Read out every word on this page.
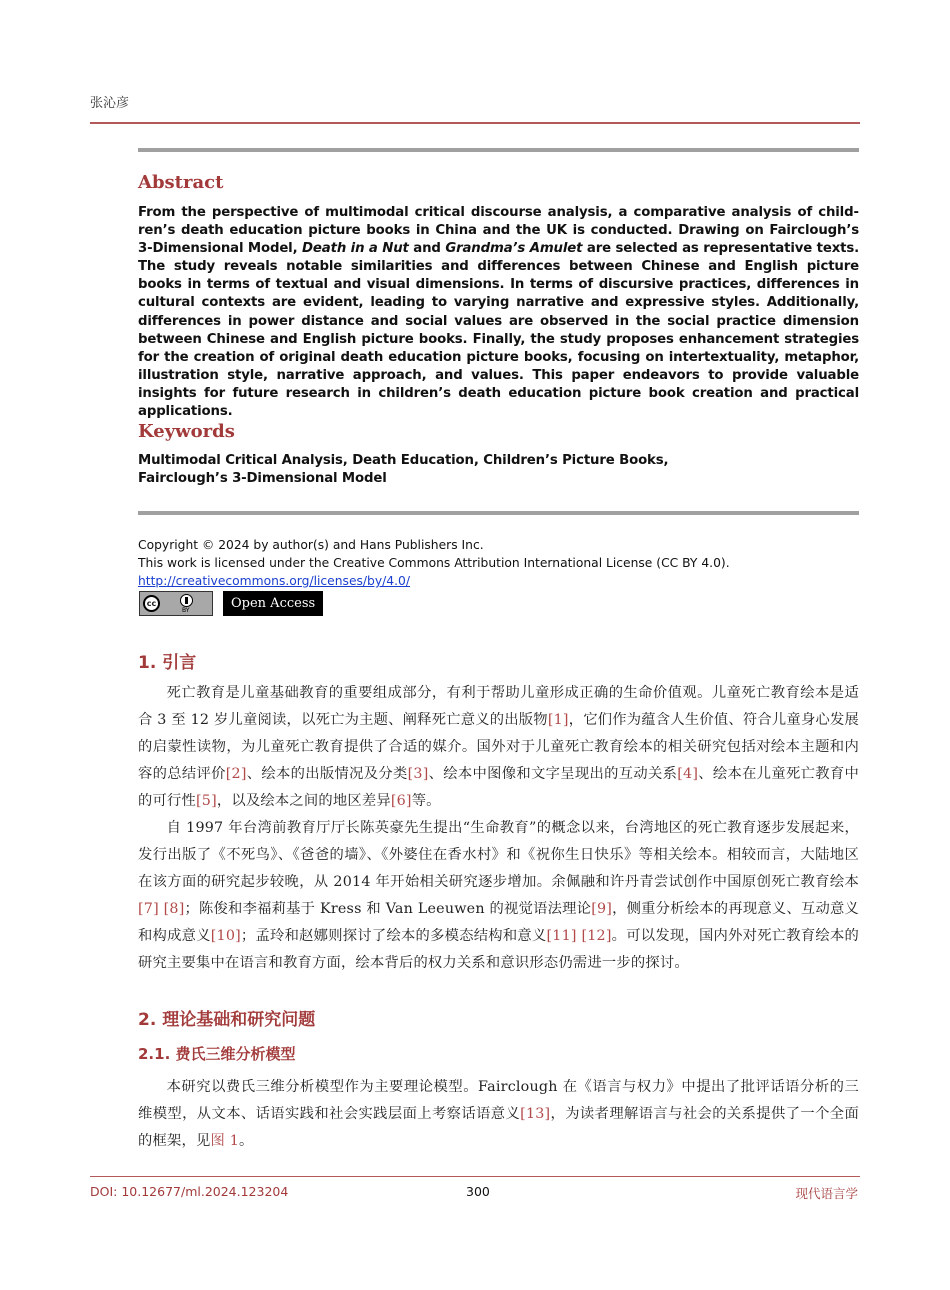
张沁彦
Abstract
From the perspective of multimodal critical discourse analysis, a comparative analysis of children’s death education picture books in China and the UK is conducted. Drawing on Fairclough’s 3-Dimensional Model, Death in a Nut and Grandma’s Amulet are selected as representative texts. The study reveals notable similarities and differences between Chinese and English picture books in terms of textual and visual dimensions. In terms of discursive practices, differences in cultural contexts are evident, leading to varying narrative and expressive styles. Additionally, differences in power distance and social values are observed in the social practice dimension between Chinese and English picture books. Finally, the study proposes enhancement strategies for the creation of original death education picture books, focusing on intertextuality, metaphor, illustration style, narrative approach, and values. This paper endeavors to provide valuable insights for future research in children’s death education picture book creation and practical applications.
Keywords
Multimodal Critical Analysis, Death Education, Children’s Picture Books,
Fairclough’s 3-Dimensional Model
Copyright © 2024 by author(s) and Hans Publishers Inc.
This work is licensed under the Creative Commons Attribution International License (CC BY 4.0).
http://creativecommons.org/licenses/by/4.0/
cc
BY	Open Access
1. 引言
死亡教育是儿童基础教育的重要组成部分，有利于帮助儿童形成正确的生命价值观。儿童死亡教育绘本是适合 3 至 12 岁儿童阅读，以死亡为主题、阐释死亡意义的出版物[1]，它们作为蕴含人生价值、符合儿童身心发展的启蒙性读物，为儿童死亡教育提供了合适的媒介。国外对于儿童死亡教育绘本的相关研究包括对绘本主题和内容的总结评价[2]、绘本的出版情况及分类[3]、绘本中图像和文字呈现出的互动关系[4]、绘本在儿童死亡教育中的可行性[5]，以及绘本之间的地区差异[6]等。
自 1997 年台湾前教育厅厅长陈英豪先生提出“生命教育”的概念以来，台湾地区的死亡教育逐步发展起来，发行出版了《不死鸟》、《爸爸的墙》、《外婆住在香水村》和《祝你生日快乐》等相关绘本。相较而言，大陆地区在该方面的研究起步较晚，从 2014 年开始相关研究逐步增加。余佩融和许丹青尝试创作中国原创死亡教育绘本[7] [8]；陈俊和李福莉基于 Kress 和 Van Leeuwen 的视觉语法理论[9]，侧重分析绘本的再现意义、互动意义和构成意义[10]；孟玲和赵娜则探讨了绘本的多模态结构和意义[11] [12]。可以发现，国内外对死亡教育绘本的研究主要集中在语言和教育方面，绘本背后的权力关系和意识形态仍需进一步的探讨。
2. 理论基础和研究问题
2.1. 费氏三维分析模型
本研究以费氏三维分析模型作为主要理论模型。Fairclough 在《语言与权力》中提出了批评话语分析的三维模型，从文本、话语实践和社会实践层面上考察话语意义[13]，为读者理解语言与社会的关系提供了一个全面的框架，见图 1。
DOI: 10.12677/ml.2024.123204	300	现代语言学
